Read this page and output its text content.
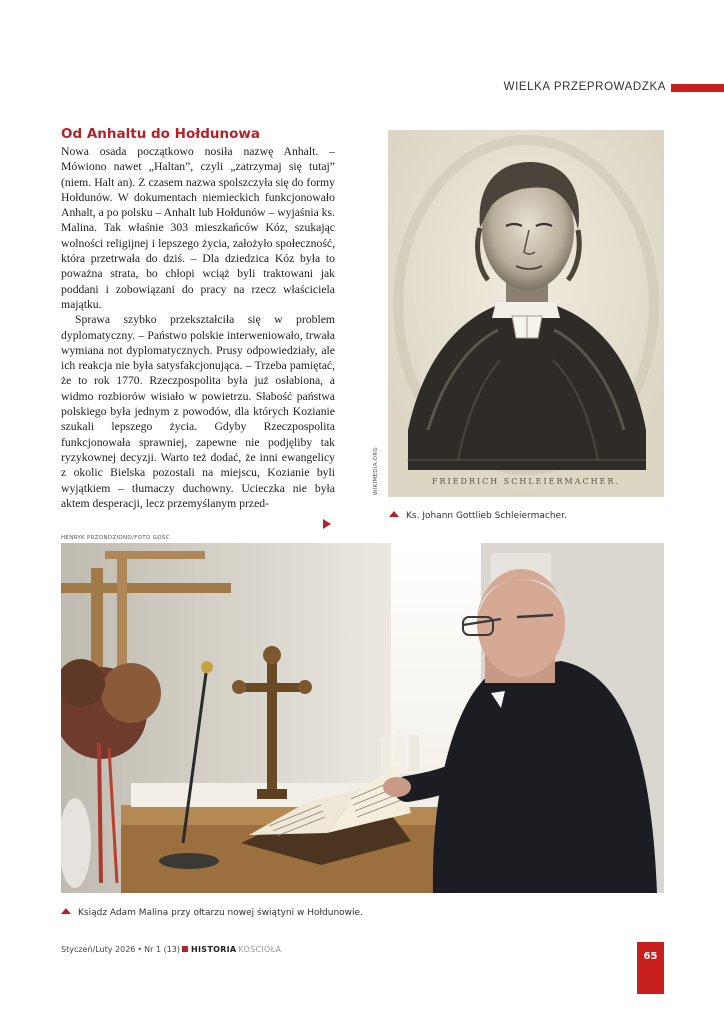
WIELKA PRZEPROWADZKA
Od Anhaltu do Hołdunowa

Nowa osada początkowo nosiła nazwę Anhalt. – Mówiono nawet „Haltan”, czyli „zatrzymaj się tutaj” (niem. Halt an). Z czasem nazwa spolszczyła się do formy Hołdunów. W dokumentach niemieckich funkcjonowało Anhalt, a po polsku – Anhalt lub Hołdunów – wyjaśnia ks. Malina. Tak właśnie 303 mieszkańców Kóz, szukając wolności religijnej i lepszego życia, założyło społeczność, która przetrwała do dziś. – Dla dziedzica Kóz była to poważna strata, bo chłopi wciąż byli traktowani jak poddani i zobowiązani do pracy na rzecz właściciela majątku.

Sprawa szybko przekształciła się w problem dyplomatyczny. – Państwo polskie interweniowało, trwała wymiana not dyplomatycznych. Prusy odpowiedziały, ale ich reakcja nie była satysfakcjonująca. – Trzeba pamiętać, że to rok 1770. Rzeczpospolita była już osłabiona, a widmo rozbiorów wisiało w powietrzu. Słabość państwa polskiego była jednym z powodów, dla których Kozianie szukali lepszego życia. Gdyby Rzeczpospolita funkcjonowała sprawniej, zapewne nie podjęliby tak ryzykownej decyzji. Warto też dodać, że inni ewangelicy z okolic Bielska pozostali na miejscu, Kozianie byli wyjątkiem – tłumaczy duchowny. Ucieczka nie była aktem desperacji, lecz przemyślanym przed-

WIKIMEDIA.ORG	FRIEDRICH SCHLEIERMACHER.
Ks. Johann Gottlieb Schleiermacher.
HENRYK PRZONDZIONO/FOTO GOŚĆ
Ksiądz Adam Malina przy ołtarzu nowej świątyni w Hołdunowie.
Styczeń/Luty 2026 • Nr 1 (13) HISTORIA KOŚCIOŁA
65
